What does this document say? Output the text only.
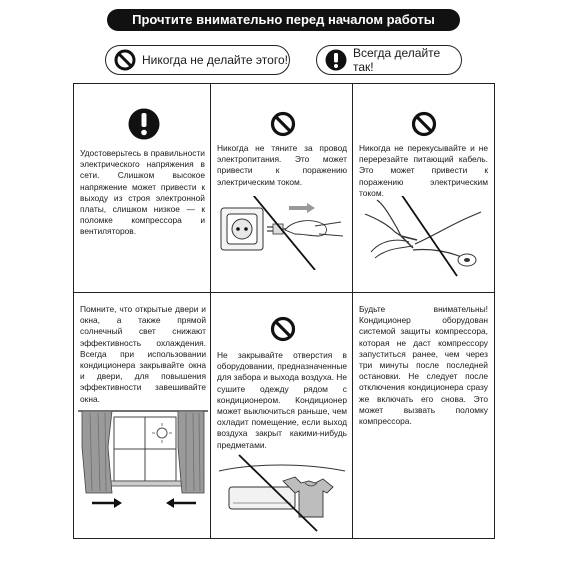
Прочтите внимательно перед началом работы
Никогда не делайте этого!	Всегда делайте так!
Удостоверьтесь в правильности электрического напряжения в сети. Слишком высокое напряжение может привести к выходу из строя электронной платы, слишком низкое — к поломке компрессора и вентиляторов.
Никогда не тяните за провод электропитания. Это может привести к поражению электрическим током.
Никогда не перекусывайте и не перерезайте питающий кабель. Это может привести к поражению электрическим током.
Помните, что открытые двери и окна, а также прямой солнечный свет снижают эффективность охлаждения. Всегда при использовании кондиционера закрывайте окна и двери, для повышения эффективности завешивайте окна.
Не закрывайте отверстия в оборудовании, предназначенные для забора и выхода воздуха. Не сушите одежду рядом с кондиционером. Кондиционер может выключиться раньше, чем охладит помещение, если выход воздуха закрыт какими-нибудь предметами.
Будьте внимательны! Кондиционер оборудован системой защиты компрессора, которая не даст компрессору запуститься ранее, чем через три минуты после последней остановки. Не следует после отключения кондиционера сразу же включать его снова. Это может вызвать поломку компрессора.
